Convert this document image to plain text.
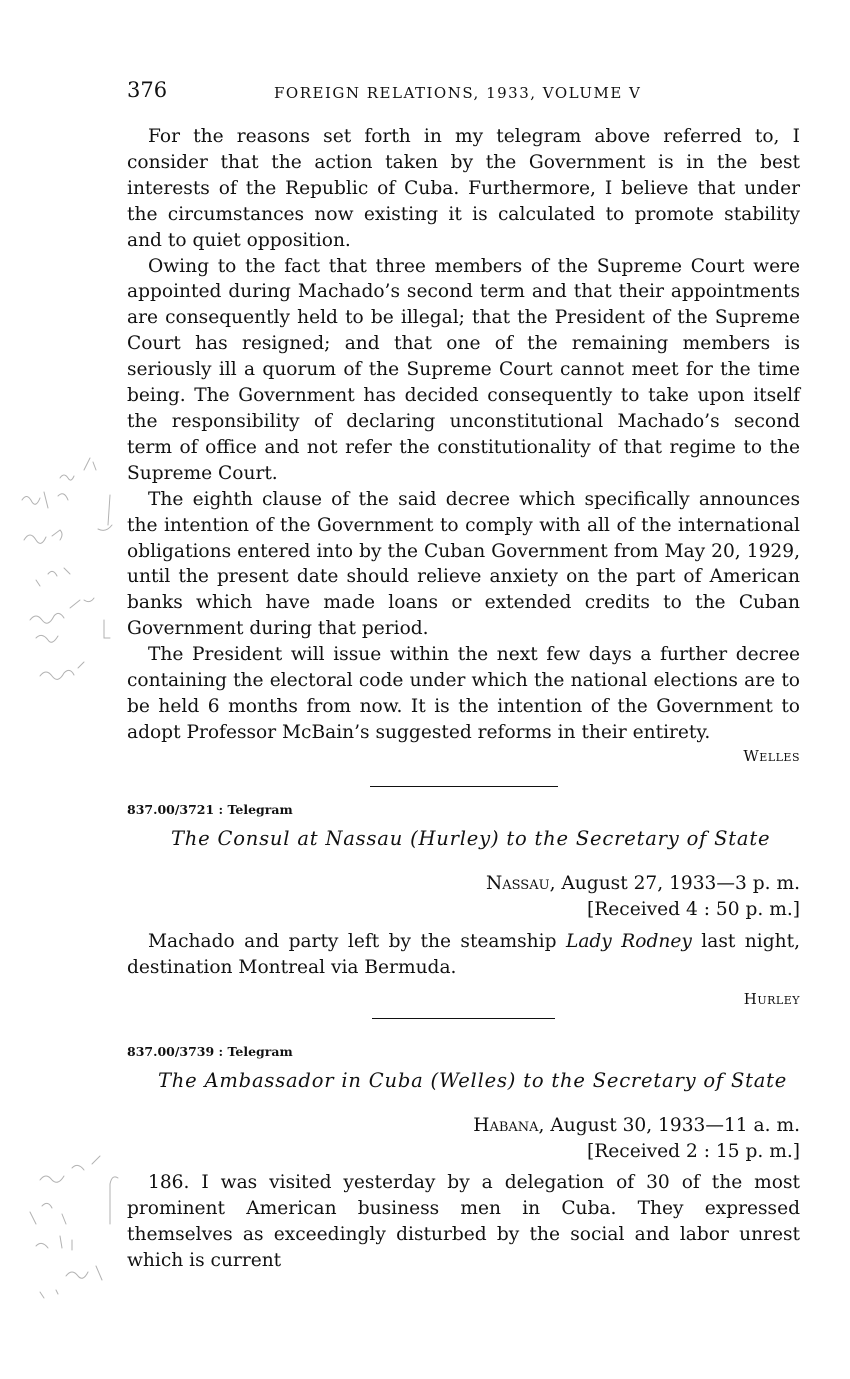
376	FOREIGN RELATIONS, 1933, VOLUME V

For the reasons set forth in my telegram above referred to, I consider that the action taken by the Government is in the best interests of the Republic of Cuba. Furthermore, I believe that under the circumstances now existing it is calculated to promote stability and to quiet opposition.

Owing to the fact that three members of the Supreme Court were appointed during Machado’s second term and that their appointments are consequently held to be illegal; that the President of the Supreme Court has resigned; and that one of the remaining members is seriously ill a quorum of the Supreme Court cannot meet for the time being. The Government has decided consequently to take upon itself the responsibility of declaring unconstitutional Machado’s second term of office and not refer the constitutionality of that regime to the Supreme Court.

The eighth clause of the said decree which specifically announces the intention of the Government to comply with all of the international obligations entered into by the Cuban Government from May 20, 1929, until the present date should relieve anxiety on the part of American banks which have made loans or extended credits to the Cuban Government during that period.

The President will issue within the next few days a further decree containing the electoral code under which the national elections are to be held 6 months from now. It is the intention of the Government to adopt Professor McBain’s suggested reforms in their entirety.

Welles
837.00/3721 : Telegram
The Consul at Nassau (Hurley) to the Secretary of State
Nassau, August 27, 1933—3 p. m.
[Received 4 : 50 p. m.]

Machado and party left by the steamship Lady Rodney last night, destination Montreal via Bermuda.

Hurley
837.00/3739 : Telegram
The Ambassador in Cuba (Welles) to the Secretary of State
Habana, August 30, 1933—11 a. m.
[Received 2 : 15 p. m.]

186. I was visited yesterday by a delegation of 30 of the most prominent American business men in Cuba. They expressed themselves as exceedingly disturbed by the social and labor unrest which is current
